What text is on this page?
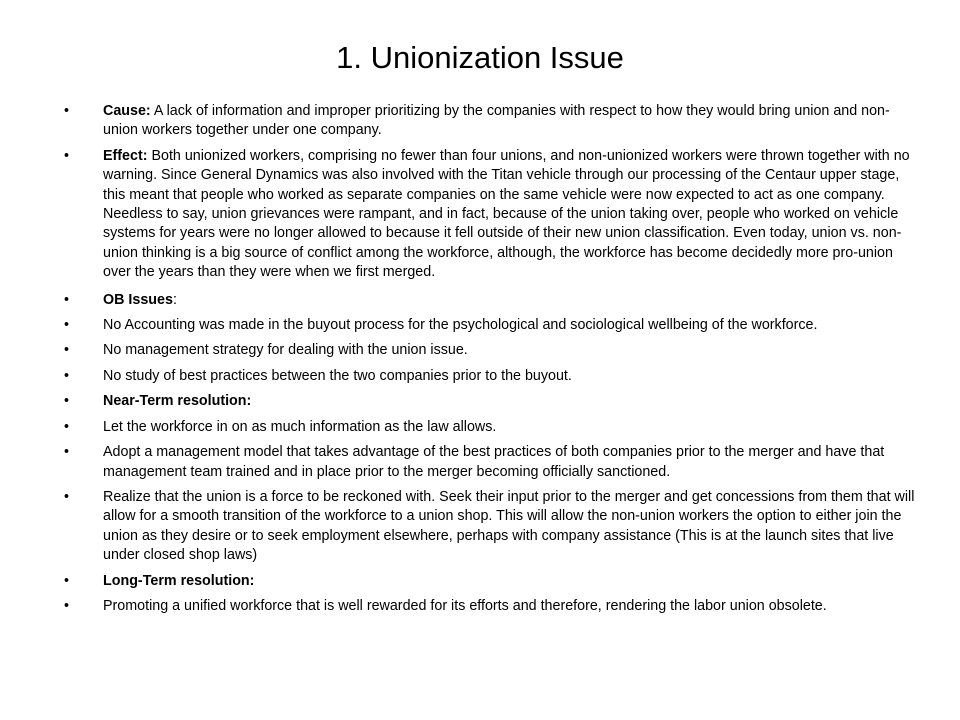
1. Unionization Issue
•	Cause: A lack of information and improper prioritizing by the companies with respect to how they would bring union and non-union workers together under one company.
•	Effect: Both unionized workers, comprising no fewer than four unions, and non-unionized workers were thrown together with no warning. Since General Dynamics was also involved with the Titan vehicle through our processing of the Centaur upper stage, this meant that people who worked as separate companies on the same vehicle were now expected to act as one company. Needless to say, union grievances were rampant, and in fact, because of the union taking over, people who worked on vehicle systems for years were no longer allowed to because it fell outside of their new union classification. Even today, union vs. non-union thinking is a big source of conflict among the workforce, although, the workforce has become decidedly more pro-union over the years than they were when we first merged.
•	OB Issues:
•	No Accounting was made in the buyout process for the psychological and sociological wellbeing of the workforce.
•	No management strategy for dealing with the union issue.
•	No study of best practices between the two companies prior to the buyout.
•	Near-Term resolution:
•	Let the workforce in on as much information as the law allows.
•	Adopt a management model that takes advantage of the best practices of both companies prior to the merger and have that management team trained and in place prior to the merger becoming officially sanctioned.
•	Realize that the union is a force to be reckoned with. Seek their input prior to the merger and get concessions from them that will allow for a smooth transition of the workforce to a union shop. This will allow the non-union workers the option to either join the union as they desire or to seek employment elsewhere, perhaps with company assistance (This is at the launch sites that live under closed shop laws)
•	Long-Term resolution:
•	Promoting a unified workforce that is well rewarded for its efforts and therefore, rendering the labor union obsolete.
